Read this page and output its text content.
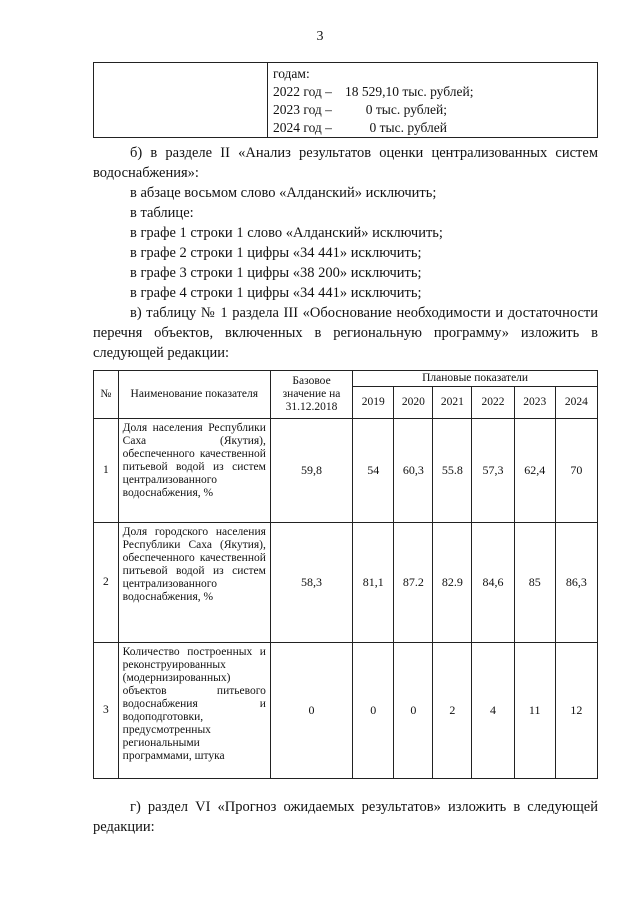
3
годам:
2022 год – 18 529,10 тыс. рублей;
2023 год –	0 тыс. рублей;
2024 год –	0 тыс. рублей
б) в разделе II «Анализ результатов оценки централизованных систем
водоснабжения»:
в абзаце восьмом слово «Алданский» исключить;
в таблице:
в графе 1 строки 1 слово «Алданский» исключить;
в графе 2 строки 1 цифры «34 441» исключить;
в графе 3 строки 1 цифры «38 200» исключить;
в графе 4 строки 1 цифры «34 441» исключить;
в) таблицу № 1 раздела III «Обоснование необходимости и достаточности
перечня объектов, включенных в региональную программу» изложить в
следующей редакции:
№	Наименование показателя	Базовое значение на 31.12.2018	Плановые показатели					
			2019	2020	2021	2022	2023	2024
1	Доля населения Республики Саха (Якутия), обеспеченного качественной питьевой водой из систем централизованного водоснабжения, %	59,8	54	60,3	55.8	57,3	62,4	70
2	Доля городского населения Республики Саха (Якутия), обеспеченного качественной питьевой водой из систем централизованного водоснабжения, %	58,3	81,1	87.2	82.9	84,6	85	86,3
3	Количество построенных и реконструированных (модернизированных) объектов питьевого водоснабжения и водоподготовки, предусмотренных региональными программами, штука	0	0	0	2	4	11	12
г) раздел VI «Прогноз ожидаемых результатов» изложить в следующей
редакции:
